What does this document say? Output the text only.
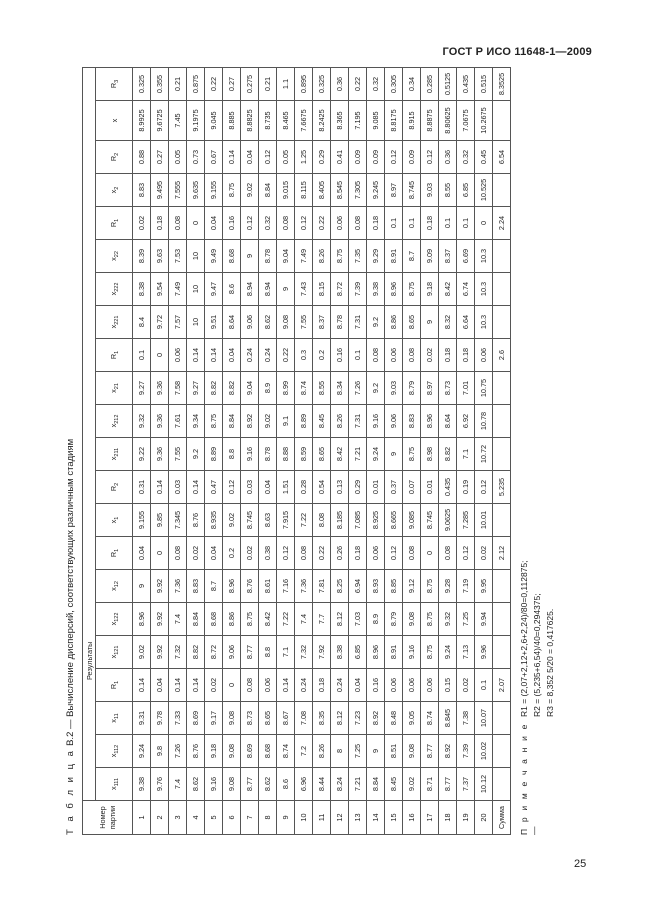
ГОСТ Р ИСО 11648-1—2009
Т а б л и ц а В.2 — Вычисление дисперсий, соответствующих различным стадиям
Номер партии	Результаты																					
	$x_{111}$	$x_{112}$	$x_{11}$	$R_1$	$x_{121}$	$x_{122}$	$x_{12}$	$R_1$	$x_1$	$R_2$	$x_{211}$	$x_{212}$	$x_{21}$	$R_1$	$x_{221}$	$x_{222}$	$x_{22}$	$R_1$	$x_2$	$R_2$	x	$R_3$
1	9.38	9.24	9.31	0.14	9.02	8.96	9	0.04	9.155	0.31	9.22	9.32	9.27	0.1	8.4	8.38	8.39	0.02	8.83	0.88	8.9925	0.325
2	9.76	9.8	9.78	0.04	9.92	9.92	9.92	0	9.85	0.14	9.36	9.36	9.36	0	9.72	9.54	9.63	0.18	9.495	0.27	9.6725	0.355
3	7.4	7.26	7.33	0.14	7.32	7.4	7.36	0.08	7.345	0.03	7.55	7.61	7.58	0.06	7.57	7.49	7.53	0.08	7.555	0.05	7.45	0.21
4	8.62	8.76	8.69	0.14	8.82	8.84	8.83	0.02	8.76	0.14	9.2	9.34	9.27	0.14	10	10	10	0	9.635	0.73	9.1975	0.875
5	9.16	9.18	9.17	0.02	8.72	8.68	8.7	0.04	8.935	0.47	8.89	8.75	8.82	0.14	9.51	9.47	9.49	0.04	9.155	0.67	9.045	0.22
6	9.08	9.08	9.08	0	9.06	8.86	8.96	0.2	9.02	0.12	8.8	8.84	8.82	0.04	8.64	8.6	8.68	0.16	8.75	0.14	8.885	0.27
7	8.77	8.69	8.73	0.08	8.77	8.75	8.76	0.02	8.745	0.03	9.16	8.92	9.04	0.24	9.06	8.94	9	0.12	9.02	0.04	8.8825	0.275
8	8.62	8.68	8.65	0.06	8.8	8.42	8.61	0.38	8.63	0.04	8.78	9.02	8.9	0.24	8.62	8.94	8.78	0.32	8.84	0.12	8.735	0.21
9	8.6	8.74	8.67	0.14	7.1	7.22	7.16	0.12	7.915	1.51	8.88	9.1	8.99	0.22	9.08	9	9.04	0.08	9.015	0.05	8.465	1.1
10	6.96	7.2	7.08	0.24	7.32	7.4	7.36	0.08	7.22	0.28	8.59	8.89	8.74	0.3	7.55	7.43	7.49	0.12	8.115	1.25	7.6675	0.895
11	8.44	8.26	8.35	0.18	7.92	7.7	7.81	0.22	8.08	0.54	8.65	8.45	8.55	0.2	8.37	8.15	8.26	0.22	8.405	0.29	8.2425	0.325
12	8.24	8	8.12	0.24	8.38	8.12	8.25	0.26	8.185	0.13	8.42	8.26	8.34	0.16	8.78	8.72	8.75	0.06	8.545	0.41	8.365	0.36
13	7.21	7.25	7.23	0.04	6.85	7.03	6.94	0.18	7.085	0.29	7.21	7.31	7.26	0.1	7.31	7.39	7.35	0.08	7.305	0.09	7.195	0.22
14	8.84	9	8.92	0.16	8.96	8.9	8.93	0.06	8.925	0.01	9.24	9.16	9.2	0.08	9.2	9.38	9.29	0.18	9.245	0.09	9.085	0.32
15	8.45	8.51	8.48	0.06	8.91	8.79	8.85	0.12	8.665	0.37	9	9.06	9.03	0.06	8.86	8.96	8.91	0.1	8.97	0.12	8.8175	0.305
16	9.02	9.08	9.05	0.06	9.16	9.08	9.12	0.08	9.085	0.07	8.75	8.83	8.79	0.08	8.65	8.75	8.7	0.1	8.745	0.09	8.915	0.34
17	8.71	8.77	8.74	0.06	8.75	8.75	8.75	0	8.745	0.01	8.98	8.96	8.97	0.02	9	9.18	9.09	0.18	9.03	0.12	8.8875	0.285
18	8.77	8.92	8.845	0.15	9.24	9.32	9.28	0.08	9.0625	0.435	8.82	8.64	8.73	0.18	8.32	8.42	8.37	0.1	8.55	0.36	8.80625	0.5125
19	7.37	7.39	7.38	0.02	7.13	7.25	7.19	0.12	7.285	0.19	7.1	6.92	7.01	0.18	6.64	6.74	6.69	0.1	6.85	0.32	7.0675	0.435
20	10.12	10.02	10.07	0.1	9.96	9.94	9.95	0.02	10.01	0.12	10.72	10.78	10.75	0.06	10.3	10.3	10.3	0	10.525	0.45	10.2675	0.515
Сумма				2.07				2.12		5.235				2.6				2.24		6.54		8.3525
П р и м е ч а н и е —
R1 = (2,07+2,12+2,6+2,24)/80=0,112875; R2 = (5,235+6,54)/40=0,294375; R3 = 8,352 5/20 = 0,417625.
25
